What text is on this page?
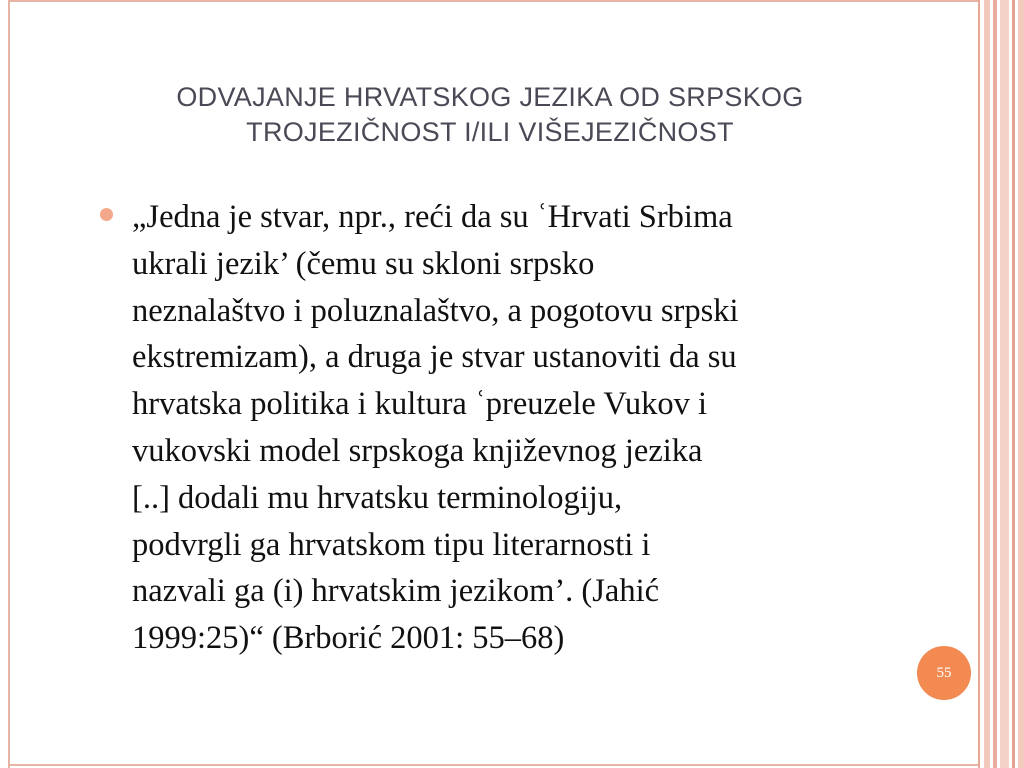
ODVAJANJE HRVATSKOG JEZIKA OD SRPSKOG
TROJEZIČNOST I/ILI VIŠEJEZIČNOST
„Jedna je stvar, npr., reći da su ʿHrvati Srbima
ukrali jezik’ (čemu su skloni srpsko
neznalaštvo i poluznalaštvo, a pogotovu srpski
ekstremizam), a druga je stvar ustanoviti da su
hrvatska politika i kultura ʿpreuzele Vukov i
vukovski model srpskoga književnog jezika
[..] dodali mu hrvatsku terminologiju,
podvrgli ga hrvatskom tipu literarnosti i
nazvali ga (i) hrvatskim jezikom’. (Jahić
1999:25)“ (Brborić 2001: 55–68)
55
